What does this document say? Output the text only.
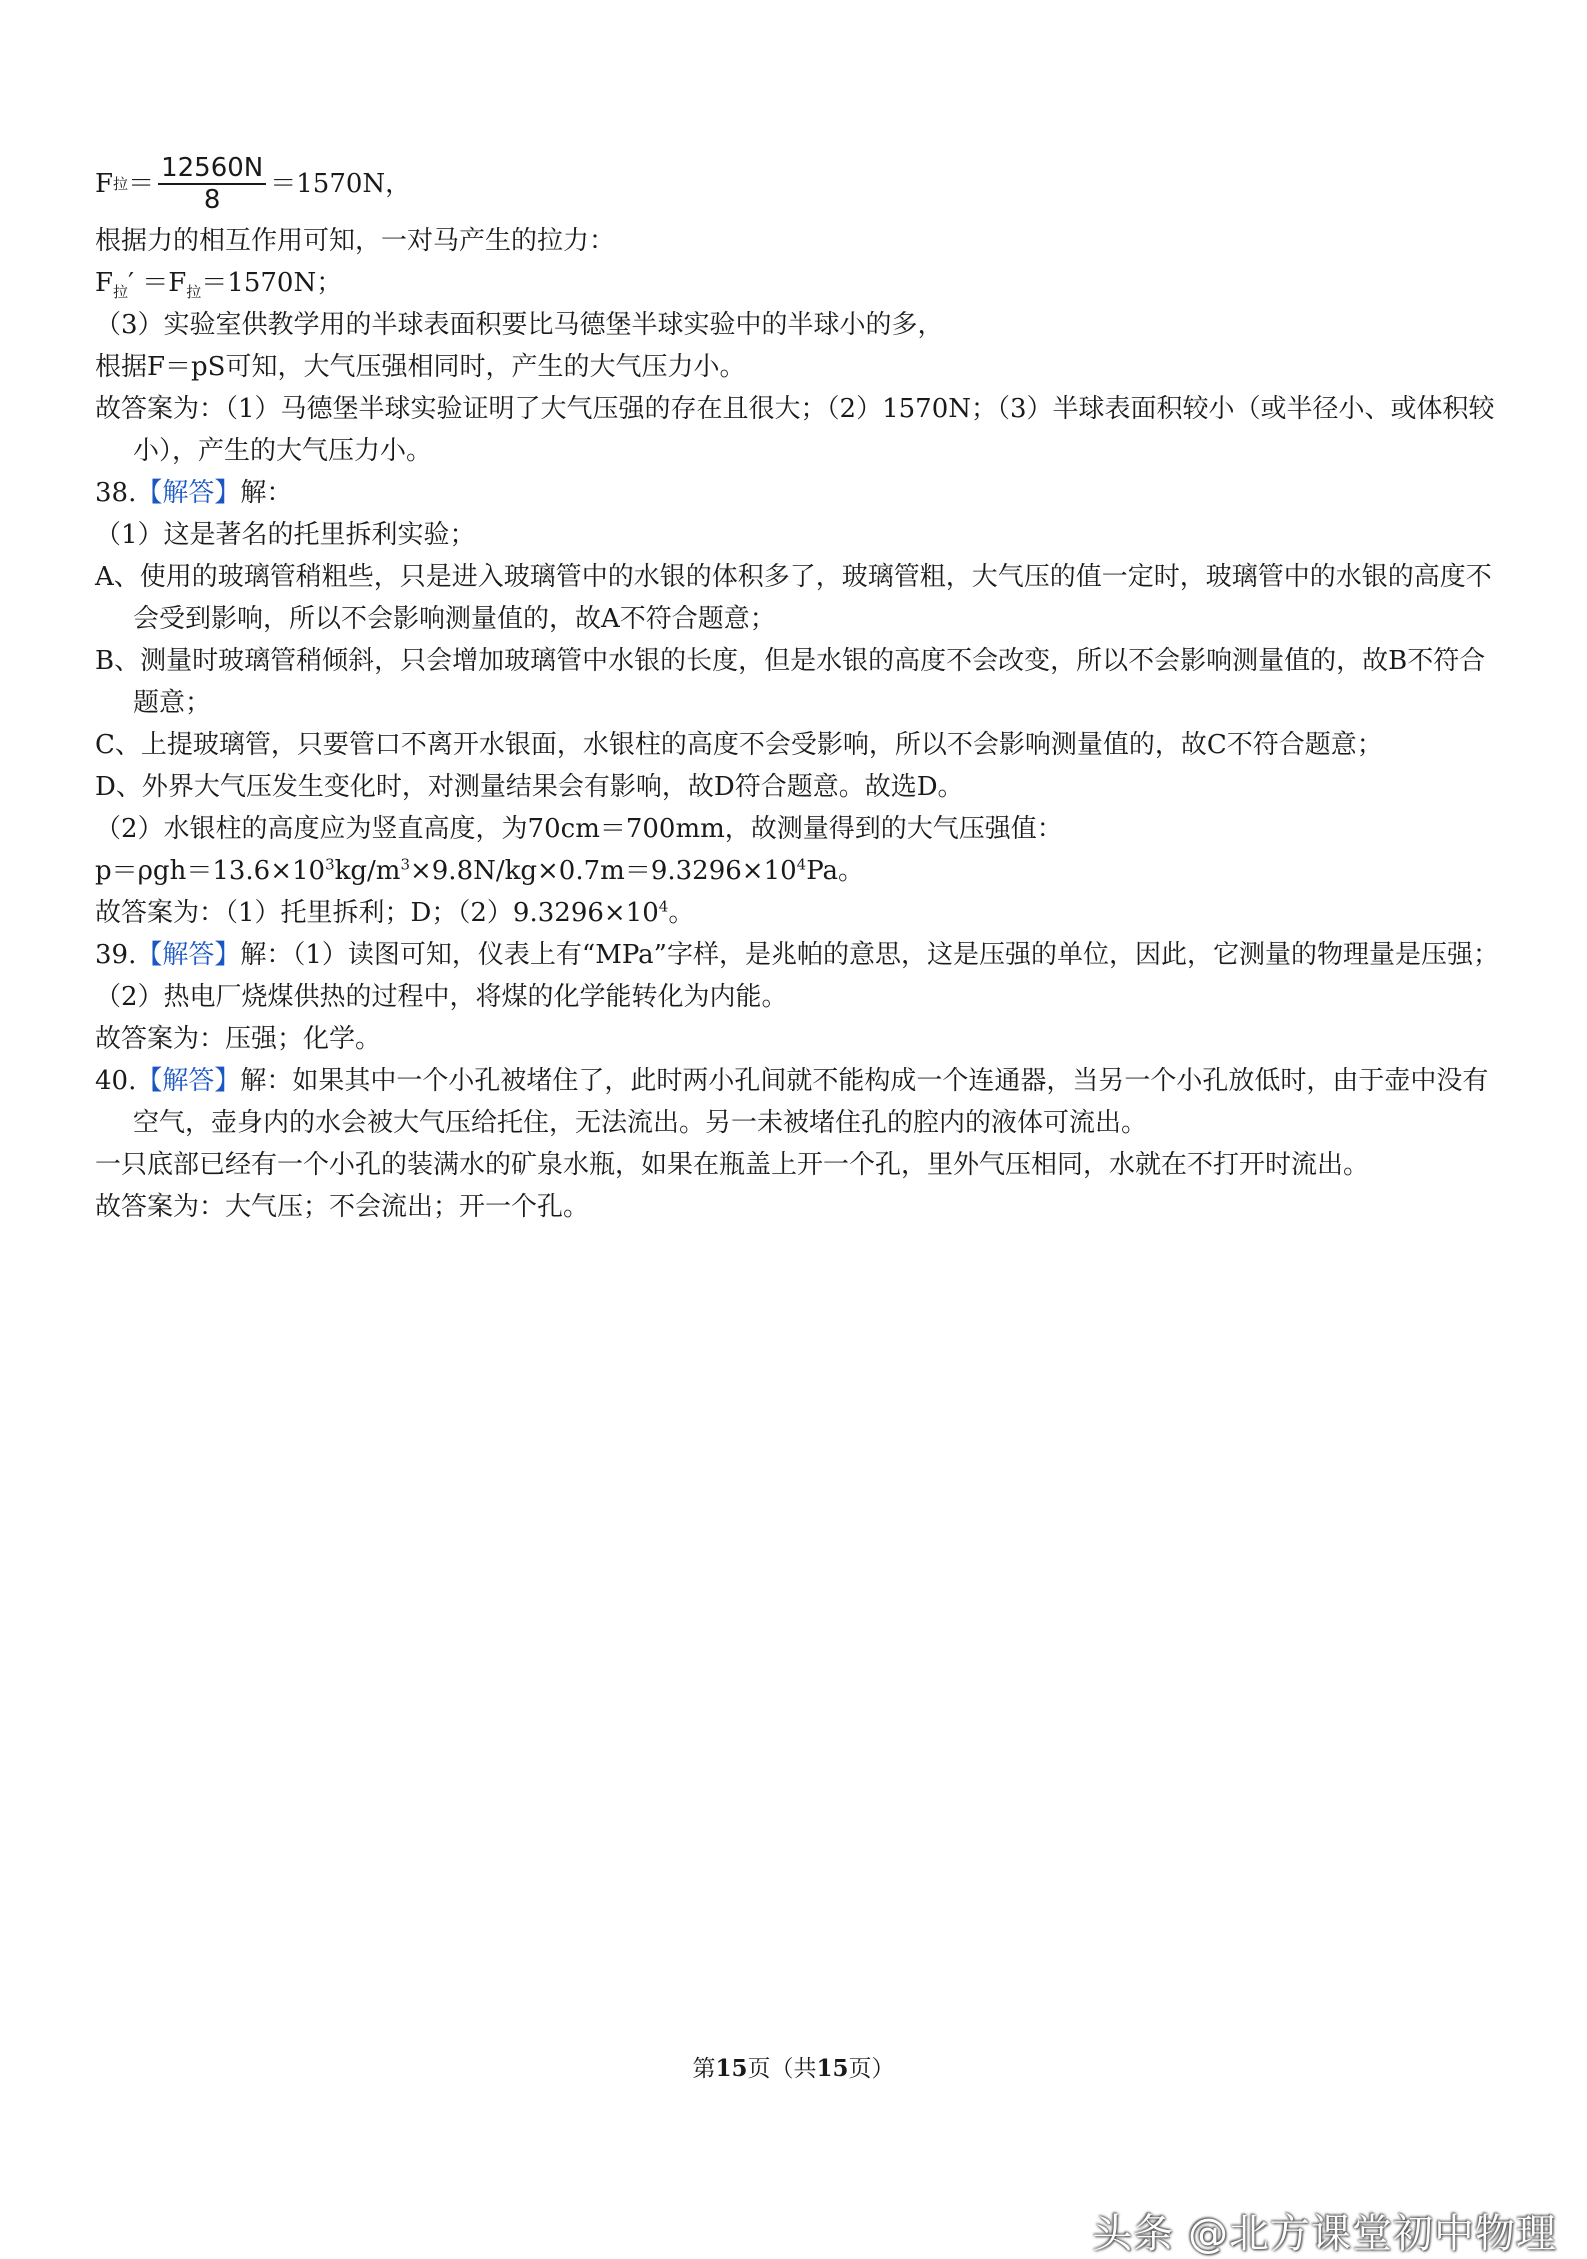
F 拉 ＝ $\frac{12560N}{8} =1570N$，
根据力的相互作用可知，一对马产生的拉力：
$F_拉' =F_拉=1570N$；
（3）实验室供教学用的半球表面积要比马德堡半球实验中的半球小的多，
根据F＝pS可知，大气压强相同时，产生的大气压力小。
故答案为：（1）马德堡半球实验证明了大气压强的存在且很大；（2）1570N；（3）半球表面积较小（或半径小、或体积较小），产生的大气压力小。
38.【解答】解：
（1）这是著名的托里拆利实验；
A、使用的玻璃管稍粗些，只是进入玻璃管中的水银的体积多了，玻璃管粗，大气压的值一定时，玻璃管中的水银的高度不会受到影响，所以不会影响测量值的，故A不符合题意；
B、测量时玻璃管稍倾斜，只会增加玻璃管中水银的长度，但是水银的高度不会改变，所以不会影响测量值的，故B不符合题意；
C、上提玻璃管，只要管口不离开水银面，水银柱的高度不会受影响，所以不会影响测量值的，故C不符合题意；
D、外界大气压发生变化时，对测量结果会有影响，故D符合题意。故选D。
（2）水银柱的高度应为竖直高度，为70cm＝700mm，故测量得到的大气压强值：
$p=\rho gh=13.6\times 10^3kg/m^3\times 9.8N/kg\times 0.7m=9.3296\times 10^4Pa$。
故答案为：（1）托里拆利；D；$(2)9.3296\times 10^4$。
39.【解答】解：（1）读图可知，仪表上有“MPa”字样，是兆帕的意思，这是压强的单位，因此，它测量的物理量是压强；
（2）热电厂烧煤供热的过程中，将煤的化学能转化为内能。
故答案为：压强；化学。
40.【解答】解：如果其中一个小孔被堵住了，此时两小孔间就不能构成一个连通器，当另一个小孔放低时，由于壶中没有空气，壶身内的水会被大气压给托住，无法流出。另一未被堵住孔的腔内的液体可流出。
一只底部已经有一个小孔的装满水的矿泉水瓶，如果在瓶盖上开一个孔，里外气压相同，水就在不打开时流出。
故答案为：大气压；不会流出；开一个孔。
第15页（共15页）
头条 @北方课堂初中物理
